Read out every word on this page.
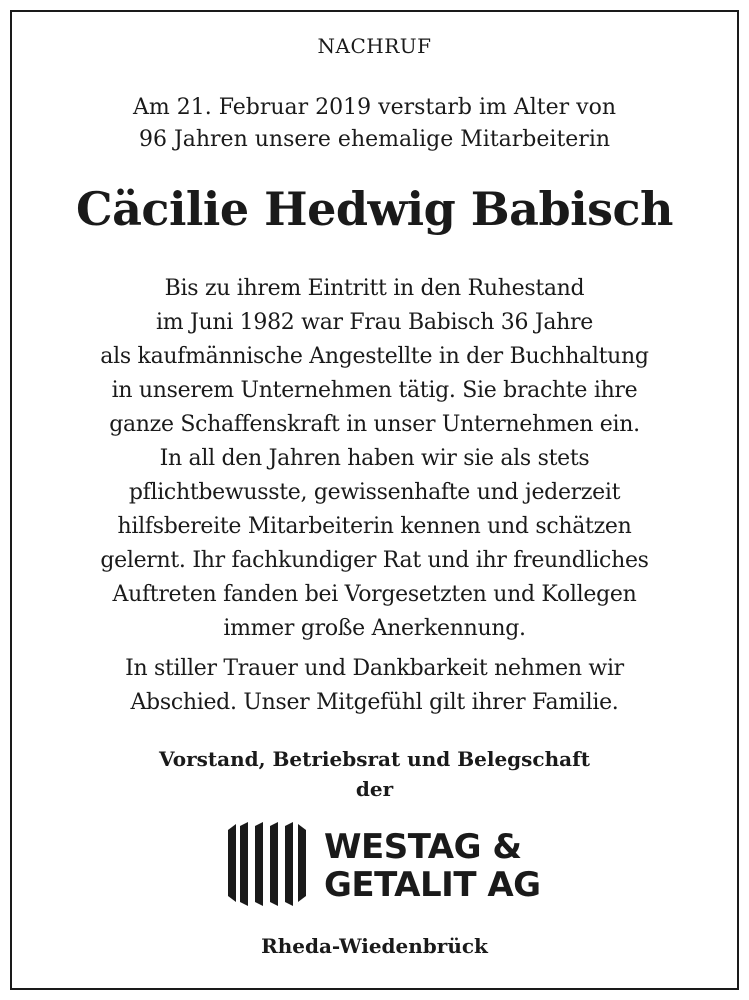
NACHRUF
Am 21. Februar 2019 verstarb im Alter von
96 Jahren unsere ehemalige Mitarbeiterin
Cäcilie Hedwig Babisch
Bis zu ihrem Eintritt in den Ruhestand
im Juni 1982 war Frau Babisch 36 Jahre
als kaufmännische Angestellte in der Buchhaltung
in unserem Unternehmen tätig. Sie brachte ihre
ganze Schaffenskraft in unser Unternehmen ein.
In all den Jahren haben wir sie als stets
pflichtbewusste, gewissenhafte und jederzeit
hilfsbereite Mitarbeiterin kennen und schätzen
gelernt. Ihr fachkundiger Rat und ihr freundliches
Auftreten fanden bei Vorgesetzten und Kollegen
immer große Anerkennung.
In stiller Trauer und Dankbarkeit nehmen wir
Abschied. Unser Mitgefühl gilt ihrer Familie.
Vorstand, Betriebsrat und Belegschaft
der
WESTAG &
GETALIT AG
Rheda-Wiedenbrück
